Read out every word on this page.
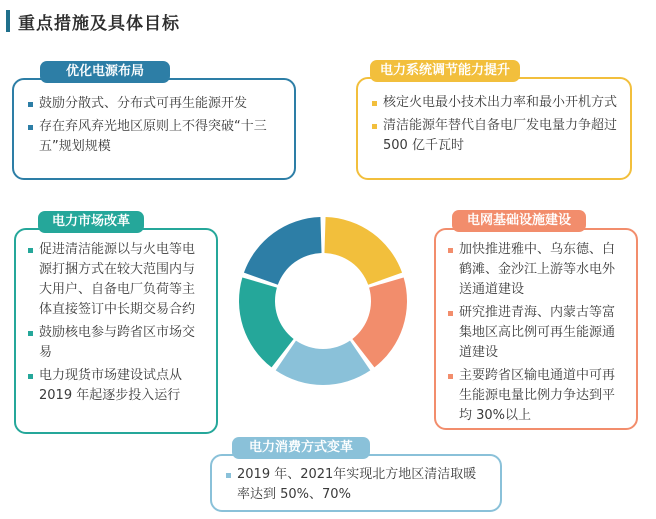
重点措施及具体目标
鼓励分散式、分布式可再生能源开发
存在弃风弃光地区原则上不得突破“十三五”规划规模
优化电源布局
核定火电最小技术出力率和最小开机方式
清洁能源年替代自备电厂发电量力争超过 500 亿千瓦时
电力系统调节能力提升
促进清洁能源以与火电等电源打捆方式在较大范围内与大用户、自备电厂负荷等主体直接签订中长期交易合约
鼓励核电参与跨省区市场交易
电力现货市场建设试点从 2019 年起逐步投入运行
电力市场改革
加快推进雅中、乌东德、白鹤滩、金沙江上游等水电外送通道建设
研究推进青海、内蒙古等富集地区高比例可再生能源通道建设
主要跨省区输电通道中可再生能源电量比例力争达到平均 30%以上
电网基础设施建设
2019 年、2021年实现北方地区清洁取暖率达到 50%、70%
电力消费方式变革
